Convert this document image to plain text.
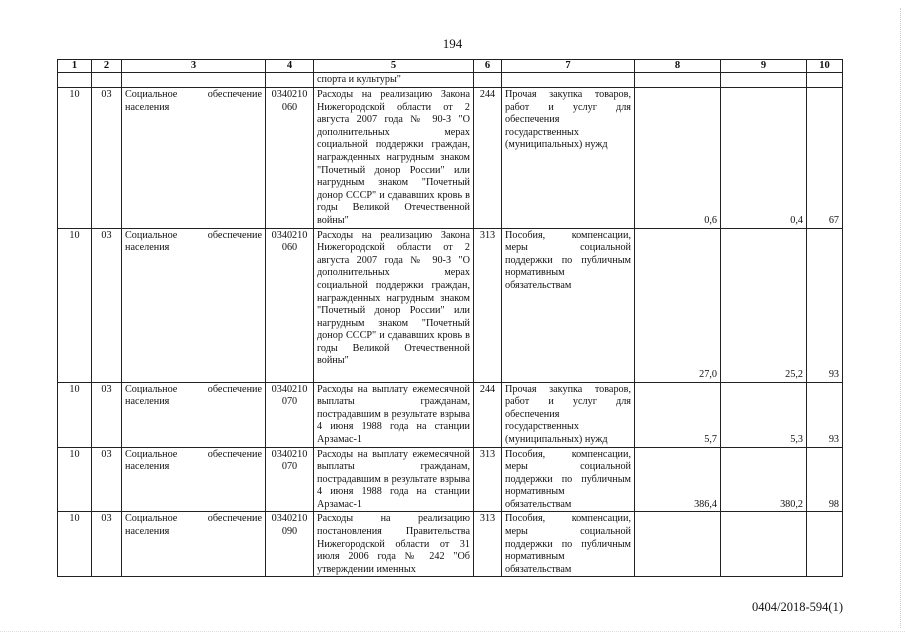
194
1	2	3	4	5	6	7	8	9	10
				спорта и культуры"					
10	03	Социальное обеспечение населения	0340210 060	Расходы на реализацию Закона Нижегородской области от 2 августа 2007 года № 90-З "О дополнительных мерах социальной поддержки граждан, награжденных нагрудным знаком "Почетный донор России" или нагрудным знаком "Почетный донор СССР" и сдававших кровь в годы Великой Отечественной войны"	244	Прочая закупка товаров, работ и услуг для обеспечения государственных (муниципальных) нужд	0,6	0,4	67
10	03	Социальное обеспечение населения	0340210 060	Расходы на реализацию Закона Нижегородской области от 2 августа 2007 года № 90-З "О дополнительных мерах социальной поддержки граждан, награжденных нагрудным знаком "Почетный донор России" или нагрудным знаком "Почетный донор СССР" и сдававших кровь в годы Великой Отечественной войны"	313	Пособия, компенсации, меры социальной поддержки по публичным нормативным обязательствам	27,0	25,2	93
10	03	Социальное обеспечение населения	0340210 070	Расходы на выплату ежемесячной выплаты гражданам, пострадавшим в результате взрыва 4 июня 1988 года на станции Арзамас-1	244	Прочая закупка товаров, работ и услуг для обеспечения государственных (муниципальных) нужд	5,7	5,3	93
10	03	Социальное обеспечение населения	0340210 070	Расходы на выплату ежемесячной выплаты гражданам, пострадавшим в результате взрыва 4 июня 1988 года на станции Арзамас-1	313	Пособия, компенсации, меры социальной поддержки по публичным нормативным обязательствам	386,4	380,2	98
10	03	Социальное обеспечение населения	0340210 090	Расходы на реализацию постановления Правительства Нижегородской области от 31 июля 2006 года № 242 "Об утверждении именных	313	Пособия, компенсации, меры социальной поддержки по публичным нормативным обязательствам			
0404/2018-594(1)
